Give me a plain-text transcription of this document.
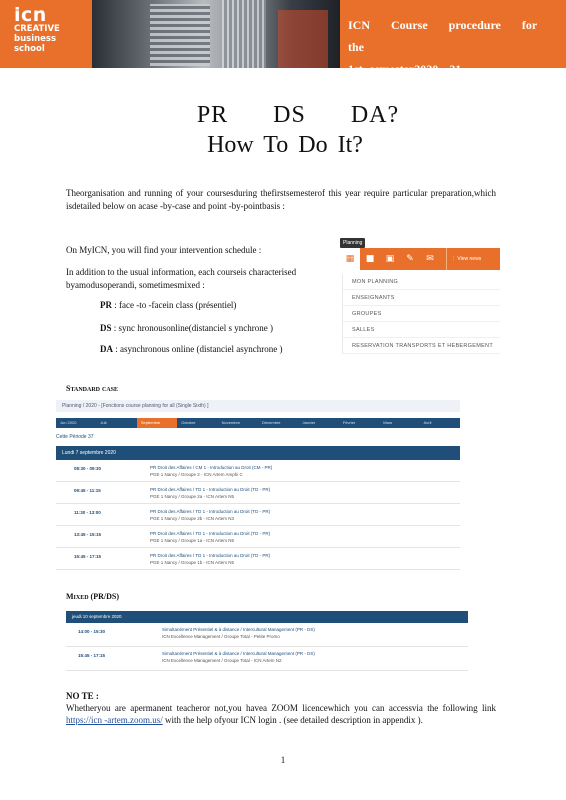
icn
CREATIVE
business
school
ICN Course procedure for the
1st semester2020 -21
PR DS DA?
How To Do It?
Theorganisation and running of your coursesduring thefirstsemesterof this year require particular preparation,which isdetailed below on acase -by-case and point -by-pointbasis :
On MyICN, you will find your intervention schedule :
In addition to the usual information, each courseis characterised byamodusoperandi, sometimesmixed :
PR : face -to -facein class (présentiel)
DS : sync hronousonline(distanciel s ynchrone )
DA : asynchronous online (distanciel asynchrone )
Planning
▦	■	▣	✎	✉	⋮ View news
MON PLANNING
ENSEIGNANTS
GROUPES
SALLES
RESERVATION TRANSPORTS ET HEBERGEMENT
Standard case
Planning / 2020 - [Fonctions course planning for all (Single Sixth) ]
Jun 2020	Juil.	Septembre	Octobre	Novembre	Décembre	Janvier	Février	Mars	Avril
Cette Période 37
Lundi 7 septembre 2020
08:30 - 09:30	PR Droit des Affaires / CM 1 - Introduction au Droit (CM - PR)
PGE 1 Nancy / Groupe 2 - ICN Artem Amphi C
09:45 - 11:15	PR Droit des Affaires / TD 1 - Introduction au Droit (TD - PR)
PGE 1 Nancy / Groupe 2a - ICN Artem N5
11:30 - 13:00	PR Droit des Affaires / TD 1 - Introduction au Droit (TD - PR)
PGE 1 Nancy / Groupe 2b - ICN Artem N3
13:45 - 15:15	PR Droit des Affaires / TD 1 - Introduction au Droit (TD - PR)
PGE 1 Nancy / Groupe 1a - ICN Artem N5
15:45 - 17:15	PR Droit des Affaires / TD 1 - Introduction au Droit (TD - PR)
PGE 1 Nancy / Groupe 1b - ICN Artem N5
Mixed (PR/DS)
jeudi 10 septembre 2020
14:00 - 15:30	Simultanément Présentiel & à distance / Intercultural Management (PR - DS)
ICN Excellence Management / Groupe Total - Petite Promo
15:45 - 17:15	Simultanément Présentiel & à distance / Intercultural Management (PR - DS)
ICN Excellence Management / Groupe Total - ICN Artem N2
NO TE :
Whetheryou are apermanent teacheror not,you havea ZOOM licencewhich you can accessvia the following link https://icn -artem.zoom.us/ with the help ofyour ICN login . (see detailed description in appendix ).
1
